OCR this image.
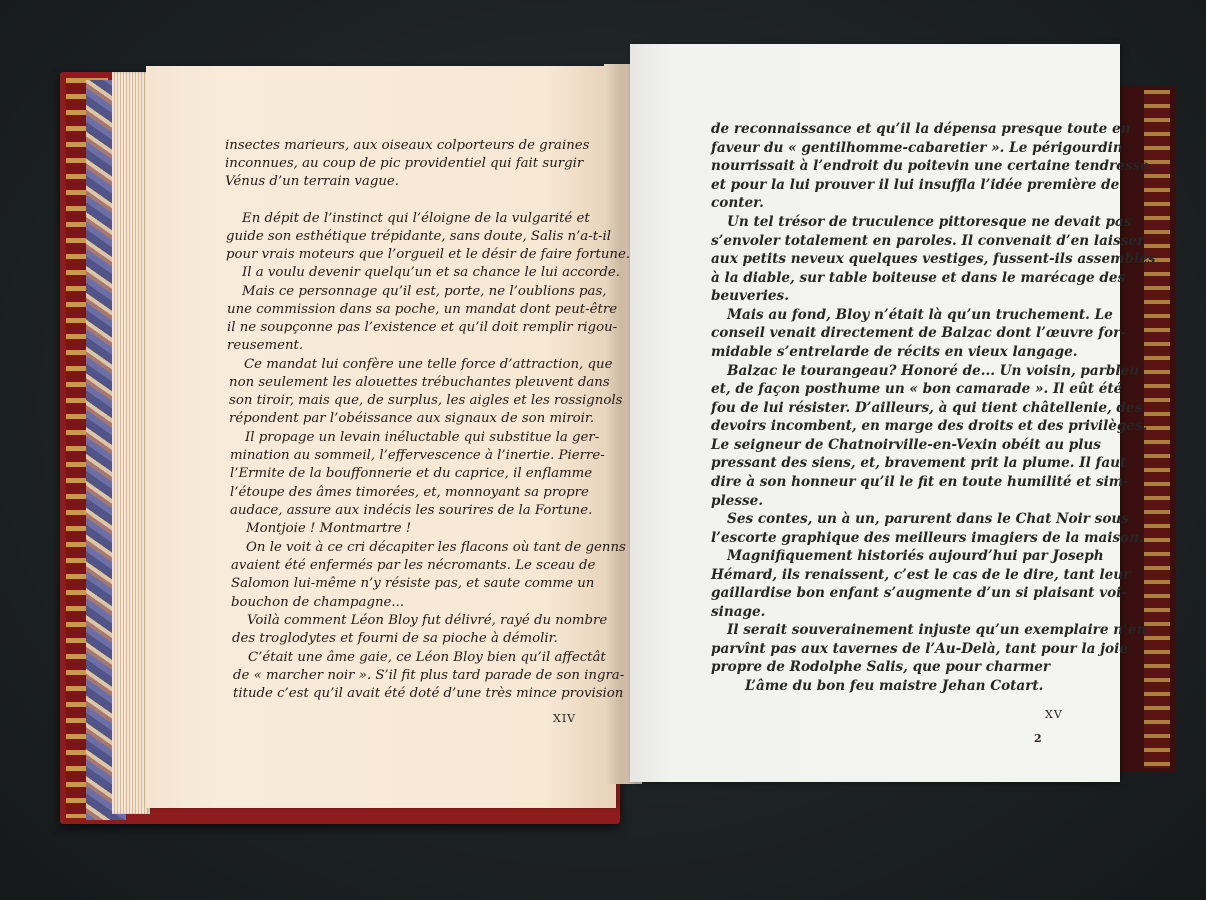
insectes marieurs, aux oiseaux colporteurs de graines
inconnues, au coup de pic providentiel qui fait surgir
Vénus d’un terrain vague.
En dépit de l’instinct qui l’éloigne de la vulgarité et
guide son esthétique trépidante, sans doute, Salis n’a-t-il
pour vrais moteurs que l’orgueil et le désir de faire fortune.
Il a voulu devenir quelqu’un et sa chance le lui accorde.
Mais ce personnage qu’il est, porte, ne l’oublions pas,
une commission dans sa poche, un mandat dont peut-être
il ne soupçonne pas l’existence et qu’il doit remplir rigou-
reusement.
Ce mandat lui confère une telle force d’attraction, que
non seulement les alouettes trébuchantes pleuvent dans
son tiroir, mais que, de surplus, les aigles et les rossignols
répondent par l’obéissance aux signaux de son miroir.
Il propage un levain inéluctable qui substitue la ger-
mination au sommeil, l’effervescence à l’inertie. Pierre-
l’Ermite de la bouffonnerie et du caprice, il enflamme
l’étoupe des âmes timorées, et, monnoyant sa propre
audace, assure aux indécis les sourires de la Fortune.
Montjoie ! Montmartre !
On le voit à ce cri décapiter les flacons où tant de genns
avaient été enfermés par les nécromants. Le sceau de
Salomon lui-même n’y résiste pas, et saute comme un
bouchon de champagne...
Voilà comment Léon Bloy fut délivré, rayé du nombre
des troglodytes et fourni de sa pioche à démolir.
C’était une âme gaie, ce Léon Bloy bien qu’il affectât
de « marcher noir ». S’il fit plus tard parade de son ingra-
titude c’est qu’il avait été doté d’une très mince provision
XIV
de reconnaissance et qu’il la dépensa presque toute en
faveur du « gentilhomme-cabaretier ». Le périgourdin
nourrissait à l’endroit du poitevin une certaine tendresse,
et pour la lui prouver il lui insuffla l’idée première de
conter.
Un tel trésor de truculence pittoresque ne devait pas
s’envoler totalement en paroles. Il convenait d’en laisser
aux petits neveux quelques vestiges, fussent-ils assemblés
à la diable, sur table boiteuse et dans le marécage des
beuveries.
Mais au fond, Bloy n’était là qu’un truchement. Le
conseil venait directement de Balzac dont l’œuvre for-
midable s’entrelarde de récits en vieux langage.
Balzac le tourangeau? Honoré de... Un voisin, parbleu
et, de façon posthume un « bon camarade ». Il eût été
fou de lui résister. D’ailleurs, à qui tient châtellenie, des
devoirs incombent, en marge des droits et des privilèges.
Le seigneur de Chatnoirville-en-Vexin obéit au plus
pressant des siens, et, bravement prit la plume. Il faut
dire à son honneur qu’il le fit en toute humilité et sim-
plesse.
Ses contes, un à un, parurent dans le Chat Noir sous
l’escorte graphique des meilleurs imagiers de la maison.
Magnifiquement historiés aujourd’hui par Joseph
Hémard, ils renaissent, c’est le cas de le dire, tant leur
gaillardise bon enfant s’augmente d’un si plaisant voi-
sinage.
Il serait souverainement injuste qu’un exemplaire n’en
parvînt pas aux tavernes de l’Au-Delà, tant pour la joie
propre de Rodolphe Salis, que pour charmer
L’âme du bon feu maistre Jehan Cotart.
XV
2
